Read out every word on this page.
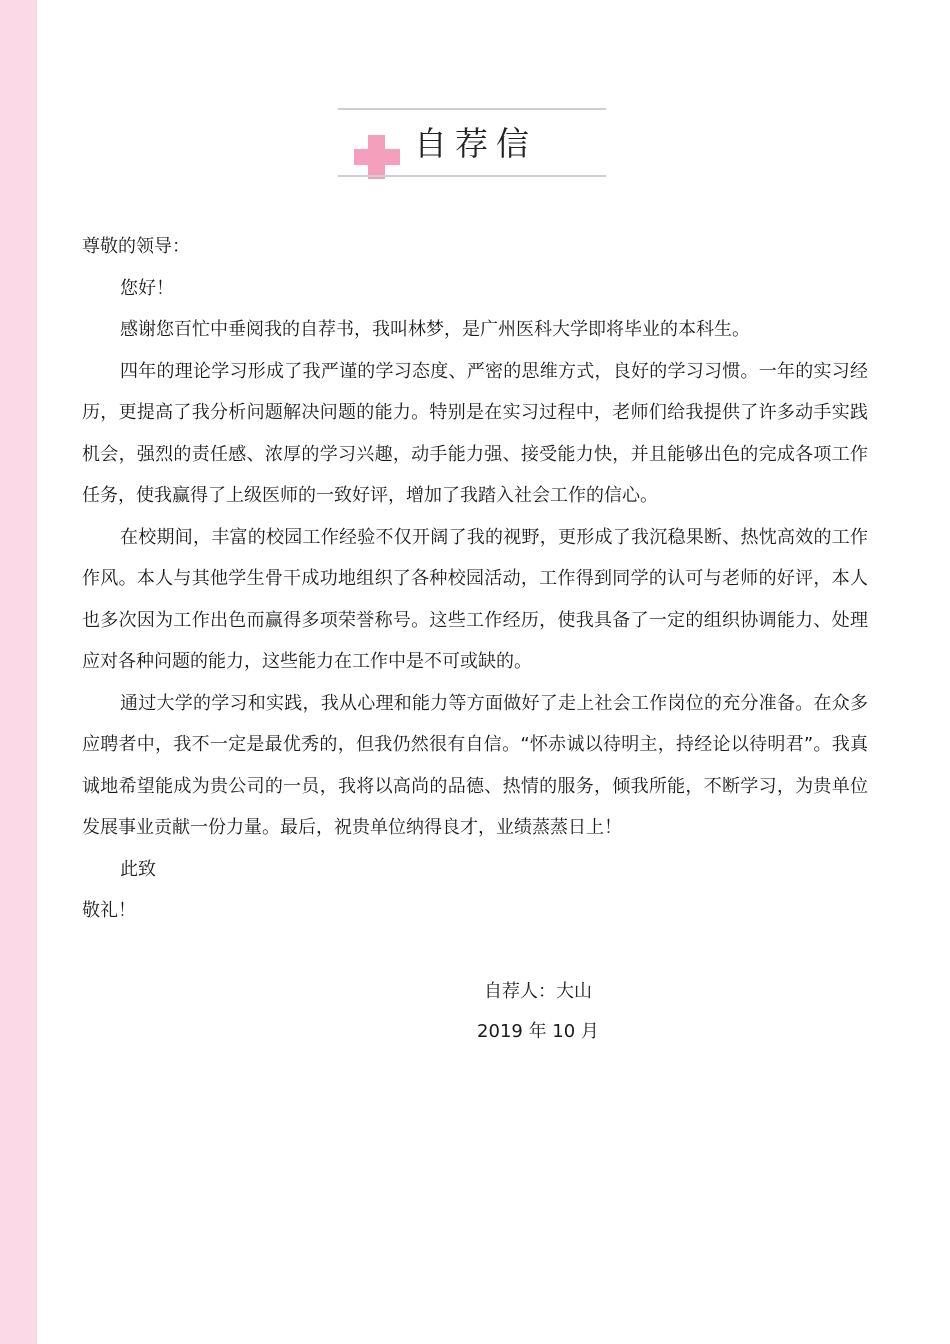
自荐信

尊敬的领导：

您好！

感谢您百忙中垂阅我的自荐书，我叫林梦，是广州医科大学即将毕业的本科生。

四年的理论学习形成了我严谨的学习态度、严密的思维方式，良好的学习习惯。一年的实习经历，更提高了我分析问题解决问题的能力。特别是在实习过程中，老师们给我提供了许多动手实践机会，强烈的责任感、浓厚的学习兴趣，动手能力强、接受能力快，并且能够出色的完成各项工作任务，使我赢得了上级医师的一致好评，增加了我踏入社会工作的信心。

在校期间，丰富的校园工作经验不仅开阔了我的视野，更形成了我沉稳果断、热忱高效的工作作风。本人与其他学生骨干成功地组织了各种校园活动，工作得到同学的认可与老师的好评，本人也多次因为工作出色而赢得多项荣誉称号。这些工作经历，使我具备了一定的组织协调能力、处理应对各种问题的能力，这些能力在工作中是不可或缺的。

通过大学的学习和实践，我从心理和能力等方面做好了走上社会工作岗位的充分准备。在众多应聘者中，我不一定是最优秀的，但我仍然很有自信。“怀赤诚以待明主，持经论以待明君”。我真诚地希望能成为贵公司的一员，我将以高尚的品德、热情的服务，倾我所能，不断学习，为贵单位发展事业贡献一份力量。最后，祝贵单位纳得良才，业绩蒸蒸日上！

此致

敬礼！

自荐人：大山
2019 年 10 月
